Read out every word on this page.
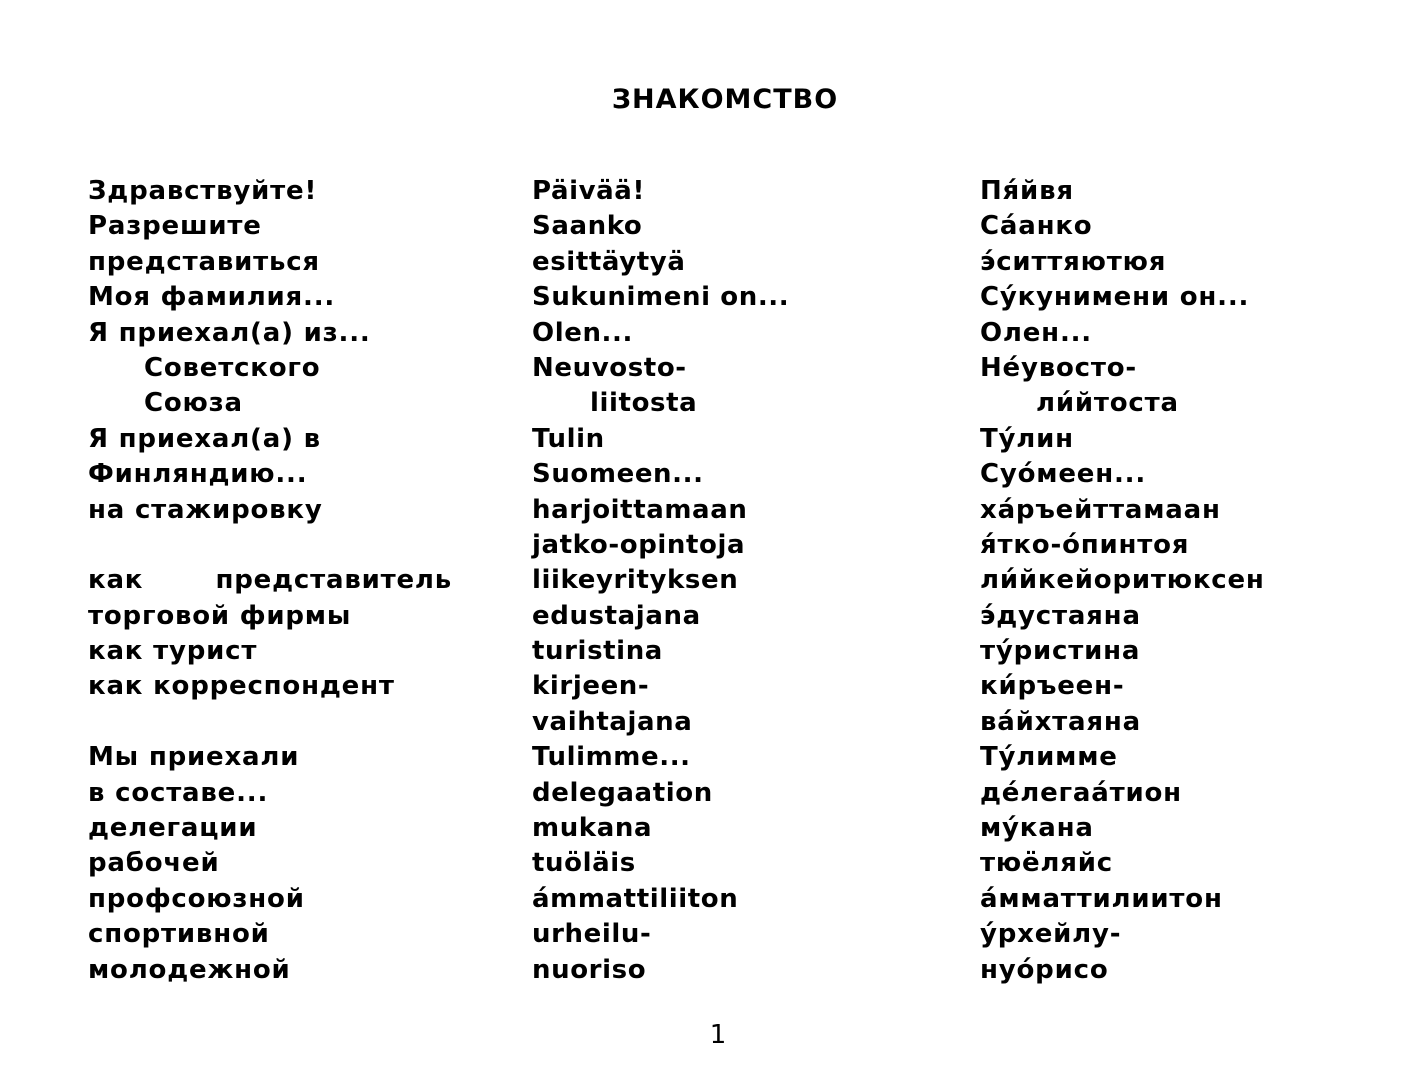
ЗНАКОМСТВО
Здравствуйте!
Разрешите
представиться
Моя фамилия...
Я приехал(а) из...
Советского
Союза
Я приехал(а) в
Финляндию...
на стажировку
как	представитель
торговой фирмы
как турист
как корреспондент
Мы приехали
в составе...
делегации
рабочей
профсоюзной
спортивной
молодежной
Päivää!
Saanko
esittäytyä
Sukunimeni on...
Olen...
Neuvosto-
liitosta
Tulin
Suomeen...
harjoittamaan
jatko-opintoja
liikeyrityksen
edustajana
turistina
kirjeen-
vaihtajana
Tulimme...
delegaation
mukana
tuöläis
ámmattiliiton
urheilu-
nuoriso
Пя́йвя
Са́анко
э́ситтяютюя
Су́кунимени он...
Олен...
Не́увосто-
ли́йтоста
Ту́лин
Суо́меен...
ха́ръейттамаан
я́тко-о́пинтоя
ли́йкейоритюксен
э́дустаяна
ту́ристина
ки́ръеен-
ва́йхтаяна
Ту́лимме
де́легаа́тион
му́кана
тюёляйс
а́мматтилиитон
у́рхейлу-
нуо́рисо
1
